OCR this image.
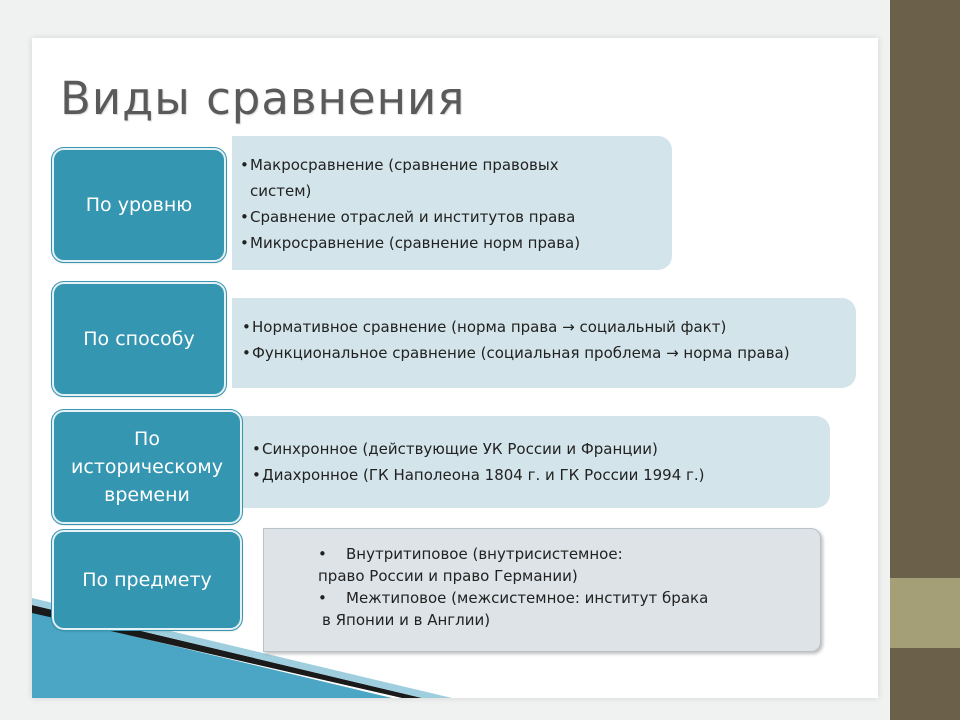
Виды сравнения
• Макросравнение (сравнение правовых систем)
• Сравнение отраслей и институтов права
• Микросравнение (сравнение норм права)
По уровню
• Нормативное сравнение (норма права → социальный факт)
• Функциональное сравнение (социальная проблема → норма права)
По способу
• Синхронное (действующие УК России и Франции)
• Диахронное (ГК Наполеона 1804 г. и ГК России 1994 г.)
По
историческому
времени
• Внутритиповое (внутрисистемное:
право России и право Германии)
• Межтиповое (межсистемное: институт брака
в Японии и в Англии)
По предмету
